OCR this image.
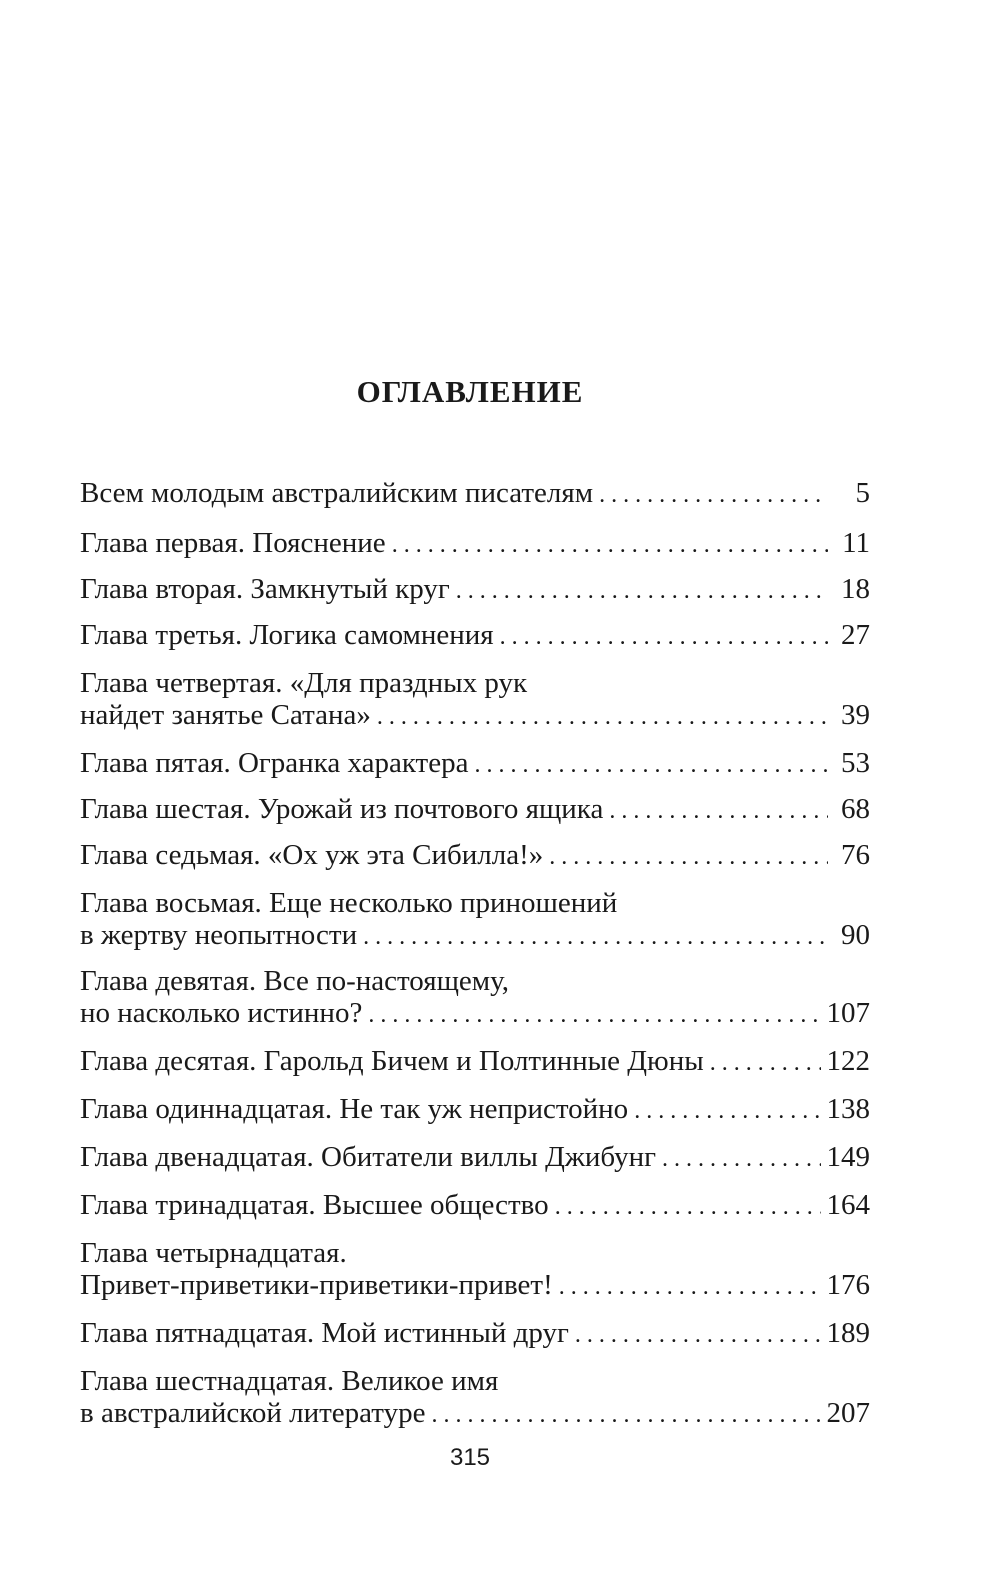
ОГЛАВЛЕНИЕ
Всем молодым австралийским писателям . . .	5
Глава первая. Пояснение . . .	11
Глава вторая. Замкнутый круг . . .	18
Глава третья. Логика самомнения . . .	27
Глава четвертая. «Для праздных рук
найдет занятье Сатана» . . .	39
Глава пятая. Огранка характера . . .	53
Глава шестая. Урожай из почтового ящика . . .	68
Глава седьмая. «Ох уж эта Сибилла!» . . .	76
Глава восьмая. Еще несколько приношений
в жертву неопытности . . .	90
Глава девятая. Все по-настоящему,
но насколько истинно? . . .	107
Глава десятая. Гарольд Бичем и Полтинные Дюны . . .	122
Глава одиннадцатая. Не так уж непристойно . . .	138
Глава двенадцатая. Обитатели виллы Джибунг . . .	149
Глава тринадцатая. Высшее общество . . .	164
Глава четырнадцатая.
Привет-приветики-приветики-привет! . . .	176
Глава пятнадцатая. Мой истинный друг . . .	189
Глава шестнадцатая. Великое имя
в австралийской литературе . . .	207
315
